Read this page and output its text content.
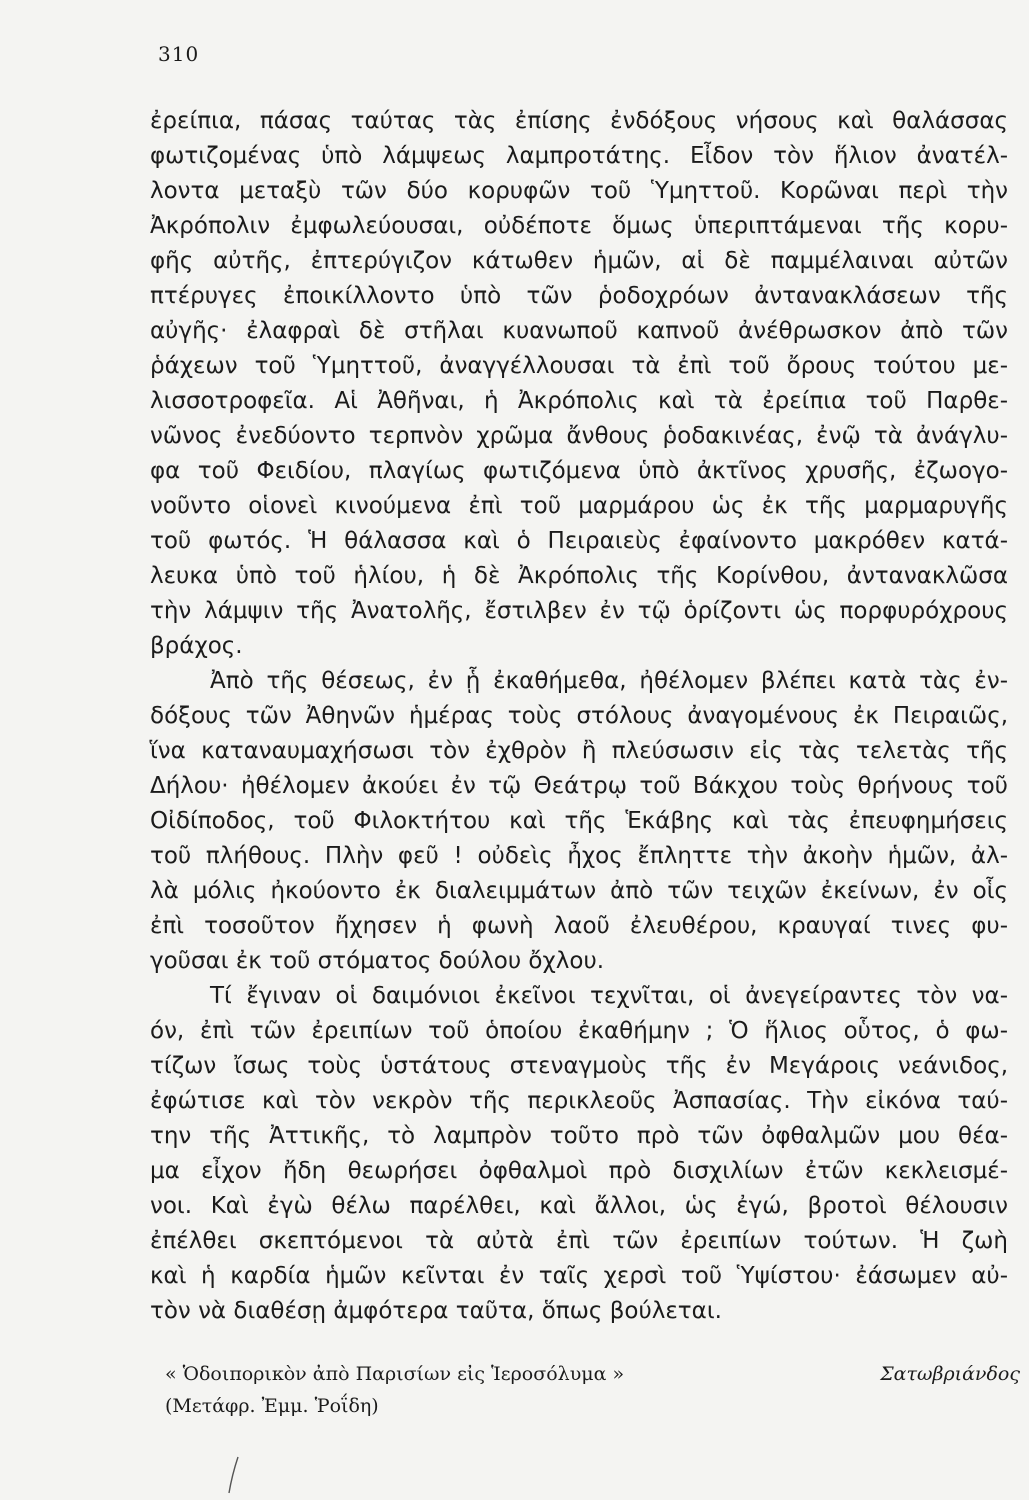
310
ἐρείπια, πάσας ταύτας τὰς ἐπίσης ἐνδόξους νήσους καὶ θαλάσσας
φωτιζομένας ὑπὸ λάμψεως λαμπροτάτης. Εἶδον τὸν ἥλιον ἀνατέλ-
λοντα μεταξὺ τῶν δύο κορυφῶν τοῦ Ὑμηττοῦ. Κορῶναι περὶ τὴν
Ἀκρόπολιν ἐμφωλεύουσαι, οὐδέποτε ὅμως ὑπεριπτάμεναι τῆς κορυ-
φῆς αὐτῆς, ἐπτερύγιζον κάτωθεν ἡμῶν, αἱ δὲ παμμέλαιναι αὐτῶν
πτέρυγες ἐποικίλλοντο ὑπὸ τῶν ῥοδοχρόων ἀντανακλάσεων τῆς
αὐγῆς· ἐλαφραὶ δὲ στῆλαι κυανωποῦ καπνοῦ ἀνέθρωσκον ἀπὸ τῶν
ῥάχεων τοῦ Ὑμηττοῦ, ἀναγγέλλουσαι τὰ ἐπὶ τοῦ ὄρους τούτου με-
λισσοτροφεῖα. Αἱ Ἀθῆναι, ἡ Ἀκρόπολις καὶ τὰ ἐρείπια τοῦ Παρθε-
νῶνος ἐνεδύοντο τερπνὸν χρῶμα ἄνθους ῥοδακινέας, ἐνῷ τὰ ἀνάγλυ-
φα τοῦ Φειδίου, πλαγίως φωτιζόμενα ὑπὸ ἀκτῖνος χρυσῆς, ἐζωογο-
νοῦντο οἱονεὶ κινούμενα ἐπὶ τοῦ μαρμάρου ὡς ἐκ τῆς μαρμαρυγῆς
τοῦ φωτός. Ἡ θάλασσα καὶ ὁ Πειραιεὺς ἐφαίνοντο μακρόθεν κατά-
λευκα ὑπὸ τοῦ ἡλίου, ἡ δὲ Ἀκρόπολις τῆς Κορίνθου, ἀντανακλῶσα
τὴν λάμψιν τῆς Ἀνατολῆς, ἔστιλβεν ἐν τῷ ὁρίζοντι ὡς πορφυρόχρους
βράχος.
Ἀπὸ τῆς θέσεως, ἐν ᾗ ἐκαθήμεθα, ἠθέλομεν βλέπει κατὰ τὰς ἐν-
δόξους τῶν Ἀθηνῶν ἡμέρας τοὺς στόλους ἀναγομένους ἐκ Πειραιῶς,
ἵνα καταναυμαχήσωσι τὸν ἐχθρὸν ἢ πλεύσωσιν εἰς τὰς τελετὰς τῆς
Δήλου· ἠθέλομεν ἀκούει ἐν τῷ Θεάτρῳ τοῦ Βάκχου τοὺς θρήνους τοῦ
Οἰδίποδος, τοῦ Φιλοκτήτου καὶ τῆς Ἑκάβης καὶ τὰς ἐπευφημήσεις
τοῦ πλήθους. Πλὴν φεῦ ! οὐδεὶς ἦχος ἔπληττε τὴν ἀκοὴν ἡμῶν, ἀλ-
λὰ μόλις ἠκούοντο ἐκ διαλειμμάτων ἀπὸ τῶν τειχῶν ἐκείνων, ἐν οἷς
ἐπὶ τοσοῦτον ἤχησεν ἡ φωνὴ λαοῦ ἐλευθέρου, κραυγαί τινες φυ-
γοῦσαι ἐκ τοῦ στόματος δούλου ὄχλου.
Τί ἔγιναν οἱ δαιμόνιοι ἐκεῖνοι τεχνῖται, οἱ ἀνεγείραντες τὸν να-
όν, ἐπὶ τῶν ἐρειπίων τοῦ ὁποίου ἐκαθήμην ; Ὁ ἥλιος οὗτος, ὁ φω-
τίζων ἴσως τοὺς ὑστάτους στεναγμοὺς τῆς ἐν Μεγάροις νεάνιδος,
ἐφώτισε καὶ τὸν νεκρὸν τῆς περικλεοῦς Ἀσπασίας. Τὴν εἰκόνα ταύ-
την τῆς Ἀττικῆς, τὸ λαμπρὸν τοῦτο πρὸ τῶν ὀφθαλμῶν μου θέα-
μα εἶχον ἤδη θεωρήσει ὀφθαλμοὶ πρὸ δισχιλίων ἐτῶν κεκλεισμέ-
νοι. Καὶ ἐγὼ θέλω παρέλθει, καὶ ἄλλοι, ὡς ἐγώ, βροτοὶ θέλουσιν
ἐπέλθει σκεπτόμενοι τὰ αὐτὰ ἐπὶ τῶν ἐρειπίων τούτων. Ἡ ζωὴ
καὶ ἡ καρδία ἡμῶν κεῖνται ἐν ταῖς χερσὶ τοῦ Ὑψίστου· ἐάσωμεν αὐ-
τὸν νὰ διαθέσῃ ἀμφότερα ταῦτα, ὅπως βούλεται.
« Ὁδοιπορικὸν ἀπὸ Παρισίων εἰς Ἱεροσόλυμα »	Σατωβριάνδος
(Μετάφρ. Ἐμμ. Ῥοΐδη)
